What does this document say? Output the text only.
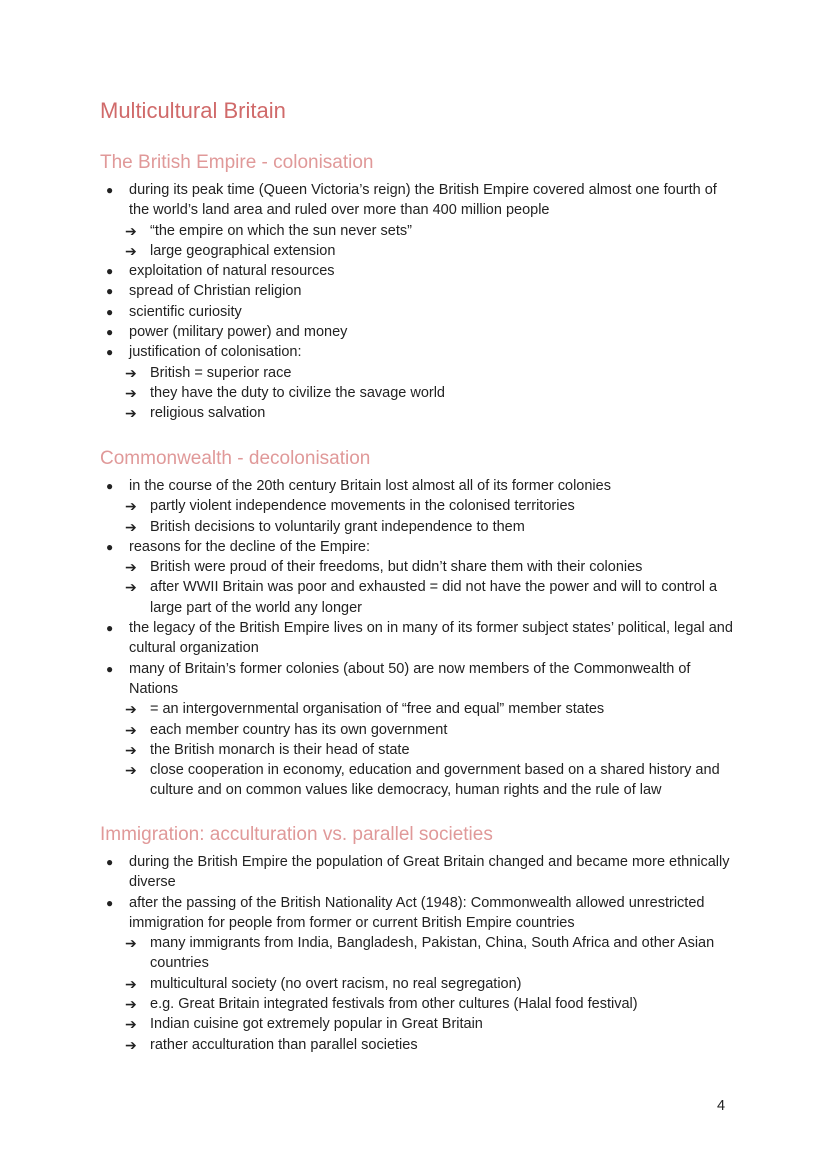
Multicultural Britain
The British Empire - colonisation
● during its peak time (Queen Victoria’s reign) the British Empire covered almost one fourth of the world’s land area and ruled over more than 400 million people
➔ “the empire on which the sun never sets”
➔ large geographical extension
● exploitation of natural resources
● spread of Christian religion
● scientific curiosity
● power (military power) and money
● justification of colonisation:
➔ British = superior race
➔ they have the duty to civilize the savage world
➔ religious salvation
Commonwealth - decolonisation
● in the course of the 20th century Britain lost almost all of its former colonies
➔ partly violent independence movements in the colonised territories
➔ British decisions to voluntarily grant independence to them
● reasons for the decline of the Empire:
➔ British were proud of their freedoms, but didn’t share them with their colonies
➔ after WWII Britain was poor and exhausted = did not have the power and will to control a large part of the world any longer
● the legacy of the British Empire lives on in many of its former subject states’ political, legal and cultural organization
● many of Britain’s former colonies (about 50) are now members of the Commonwealth of Nations
➔ = an intergovernmental organisation of “free and equal” member states
➔ each member country has its own government
➔ the British monarch is their head of state
➔ close cooperation in economy, education and government based on a shared history and culture and on common values like democracy, human rights and the rule of law
Immigration: acculturation vs. parallel societies
● during the British Empire the population of Great Britain changed and became more ethnically diverse
● after the passing of the British Nationality Act (1948): Commonwealth allowed unrestricted immigration for people from former or current British Empire countries
➔ many immigrants from India, Bangladesh, Pakistan, China, South Africa and other Asian countries
➔ multicultural society (no overt racism, no real segregation)
➔ e.g. Great Britain integrated festivals from other cultures (Halal food festival)
➔ Indian cuisine got extremely popular in Great Britain
➔ rather acculturation than parallel societies
4
